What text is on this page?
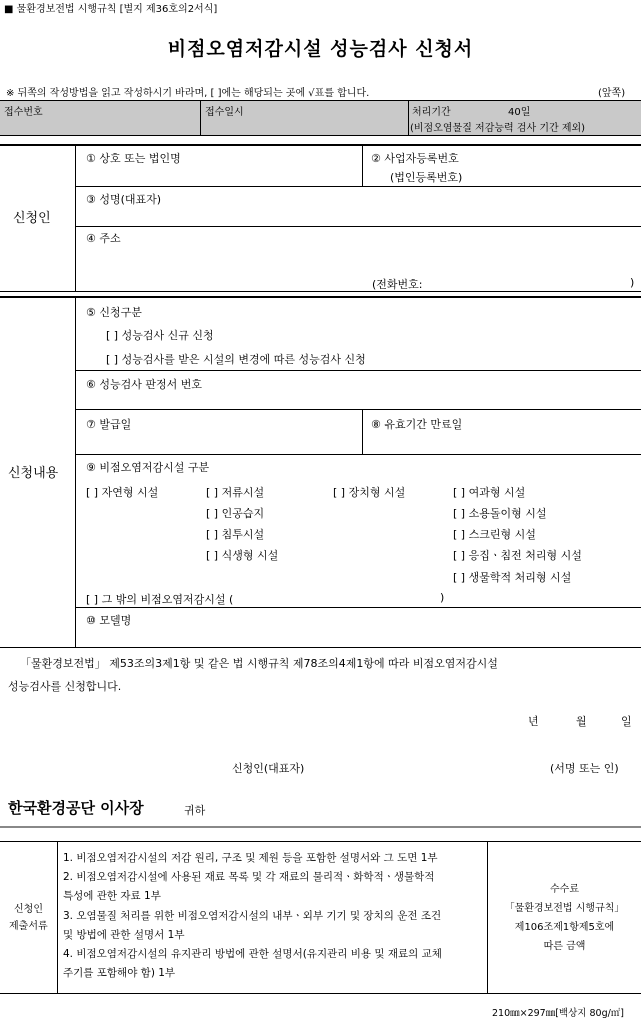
■ 물환경보전법 시행규칙 [별지 제36호의2서식]
비점오염저감시설 성능검사 신청서
※ 뒤쪽의 작성방법을 읽고 작성하시기 바라며, [ ]에는 해당되는 곳에 √표를 합니다.	(앞쪽)
접수번호	접수일시	처리기간	40일
(비점오염물질 저감능력 검사 기간 제외)
신청인
① 상호 또는 법인명	② 사업자등록번호
(법인등록번호)
③ 성명(대표자)
④ 주소
(전화번호:	)
신청내용
⑤ 신청구분
[ ] 성능검사 신규 신청
[ ] 성능검사를 받은 시설의 변경에 따른 성능검사 신청
⑥ 성능검사 판정서 번호
⑦ 발급일	⑧ 유효기간 만료일
⑨ 비점오염저감시설 구분
[ ] 자연형 시설	[ ] 저류시설
[ ] 인공습지
[ ] 침투시설
[ ] 식생형 시설
[ ] 장치형 시설	[ ] 여과형 시설
[ ] 소용돌이형 시설
[ ] 스크린형 시설
[ ] 응집ㆍ침전 처리형 시설
[ ] 생물학적 처리형 시설
[ ] 그 밖의 비점오염저감시설 (	)
⑩ 모델명
「물환경보전법」 제53조의3제1항 및 같은 법 시행규칙 제78조의4제1항에 따라 비점오염저감시설
성능검사를 신청합니다.
년	월	일
신청인(대표자)	(서명 또는 인)
한국환경공단 이사장	귀하
신청인
제출서류
1. 비점오염저감시설의 저감 원리, 구조 및 제원 등을 포함한 설명서와 그 도면 1부
2. 비점오염저감시설에 사용된 재료 목록 및 각 재료의 물리적ㆍ화학적ㆍ생물학적
특성에 관한 자료 1부
3. 오염물질 처리를 위한 비점오염저감시설의 내부ㆍ외부 기기 및 장치의 운전 조건
및 방법에 관한 설명서 1부
4. 비점오염저감시설의 유지관리 방법에 관한 설명서(유지관리 비용 및 재료의 교체
주기를 포함해야 함) 1부
수수료
「물환경보전법 시행규칙」
제106조제1항제5호에
따른 금액
210㎜×297㎜[백상지 80g/㎡]
